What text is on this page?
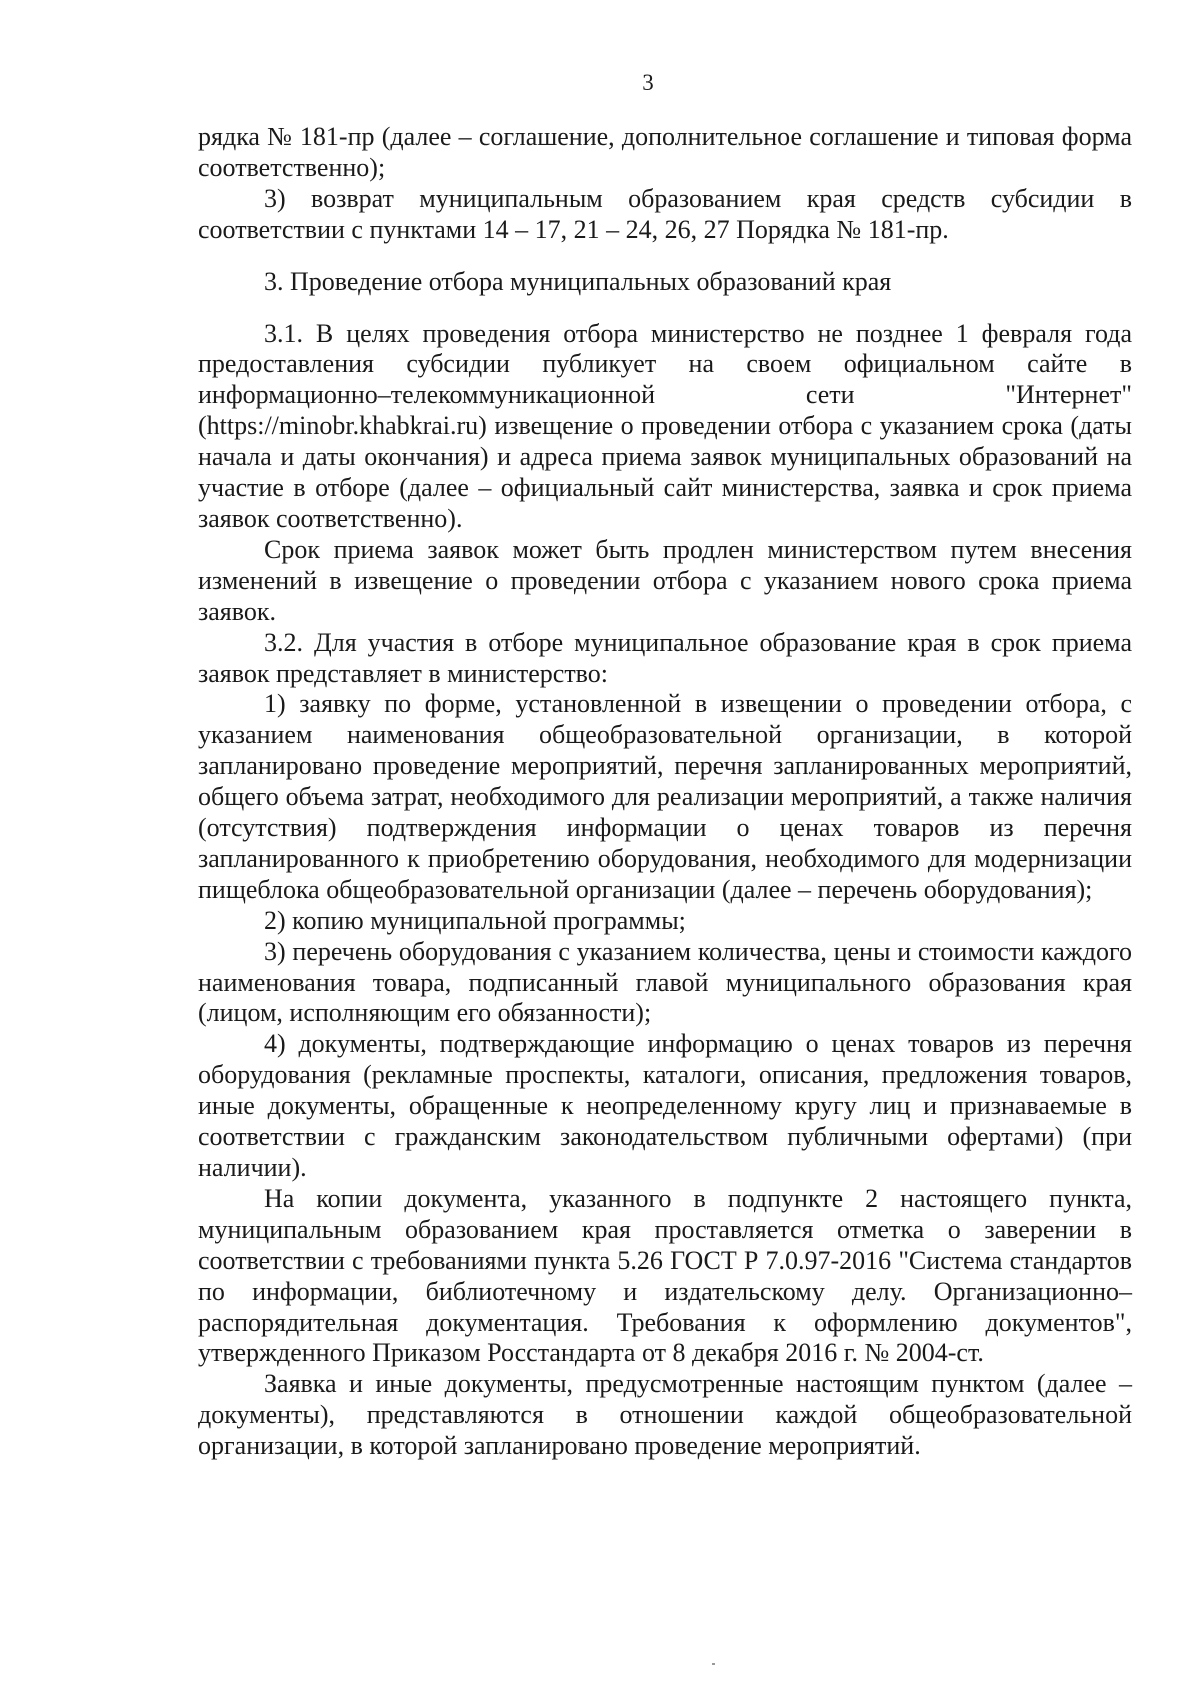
3

рядка № 181-пр (далее – соглашение, дополнительное соглашение и типовая форма соответственно);

3) возврат муниципальным образованием края средств субсидии в соответствии с пунктами 14 – 17, 21 – 24, 26, 27 Порядка № 181-пр.

3. Проведение отбора муниципальных образований края

3.1. В целях проведения отбора министерство не позднее 1 февраля года предоставления субсидии публикует на своем официальном сайте в информационно–телекоммуникационной сети "Интернет" (https://minobr.khabkrai.ru) извещение о проведении отбора с указанием срока (даты начала и даты окончания) и адреса приема заявок муниципальных образований на участие в отборе (далее – официальный сайт министерства, заявка и срок приема заявок соответственно).

Срок приема заявок может быть продлен министерством путем внесения изменений в извещение о проведении отбора с указанием нового срока приема заявок.

3.2. Для участия в отборе муниципальное образование края в срок приема заявок представляет в министерство:

1) заявку по форме, установленной в извещении о проведении отбора, с указанием наименования общеобразовательной организации, в которой запланировано проведение мероприятий, перечня запланированных мероприятий, общего объема затрат, необходимого для реализации мероприятий, а также наличия (отсутствия) подтверждения информации о ценах товаров из перечня запланированного к приобретению оборудования, необходимого для модернизации пищеблока общеобразовательной организации (далее – перечень оборудования);

2) копию муниципальной программы;

3) перечень оборудования с указанием количества, цены и стоимости каждого наименования товара, подписанный главой муниципального образования края (лицом, исполняющим его обязанности);

4) документы, подтверждающие информацию о ценах товаров из перечня оборудования (рекламные проспекты, каталоги, описания, предложения товаров, иные документы, обращенные к неопределенному кругу лиц и признаваемые в соответствии с гражданским законодательством публичными офертами) (при наличии).

На копии документа, указанного в подпункте 2 настоящего пункта, муниципальным образованием края проставляется отметка о заверении в соответствии с требованиями пункта 5.26 ГОСТ Р 7.0.97-2016 "Система стандартов по информации, библиотечному и издательскому делу. Организационно–распорядительная документация. Требования к оформлению документов", утвержденного Приказом Росстандарта от 8 декабря 2016 г. № 2004-ст.

Заявка и иные документы, предусмотренные настоящим пунктом (далее – документы), представляются в отношении каждой общеобразовательной организации, в которой запланировано проведение мероприятий.
